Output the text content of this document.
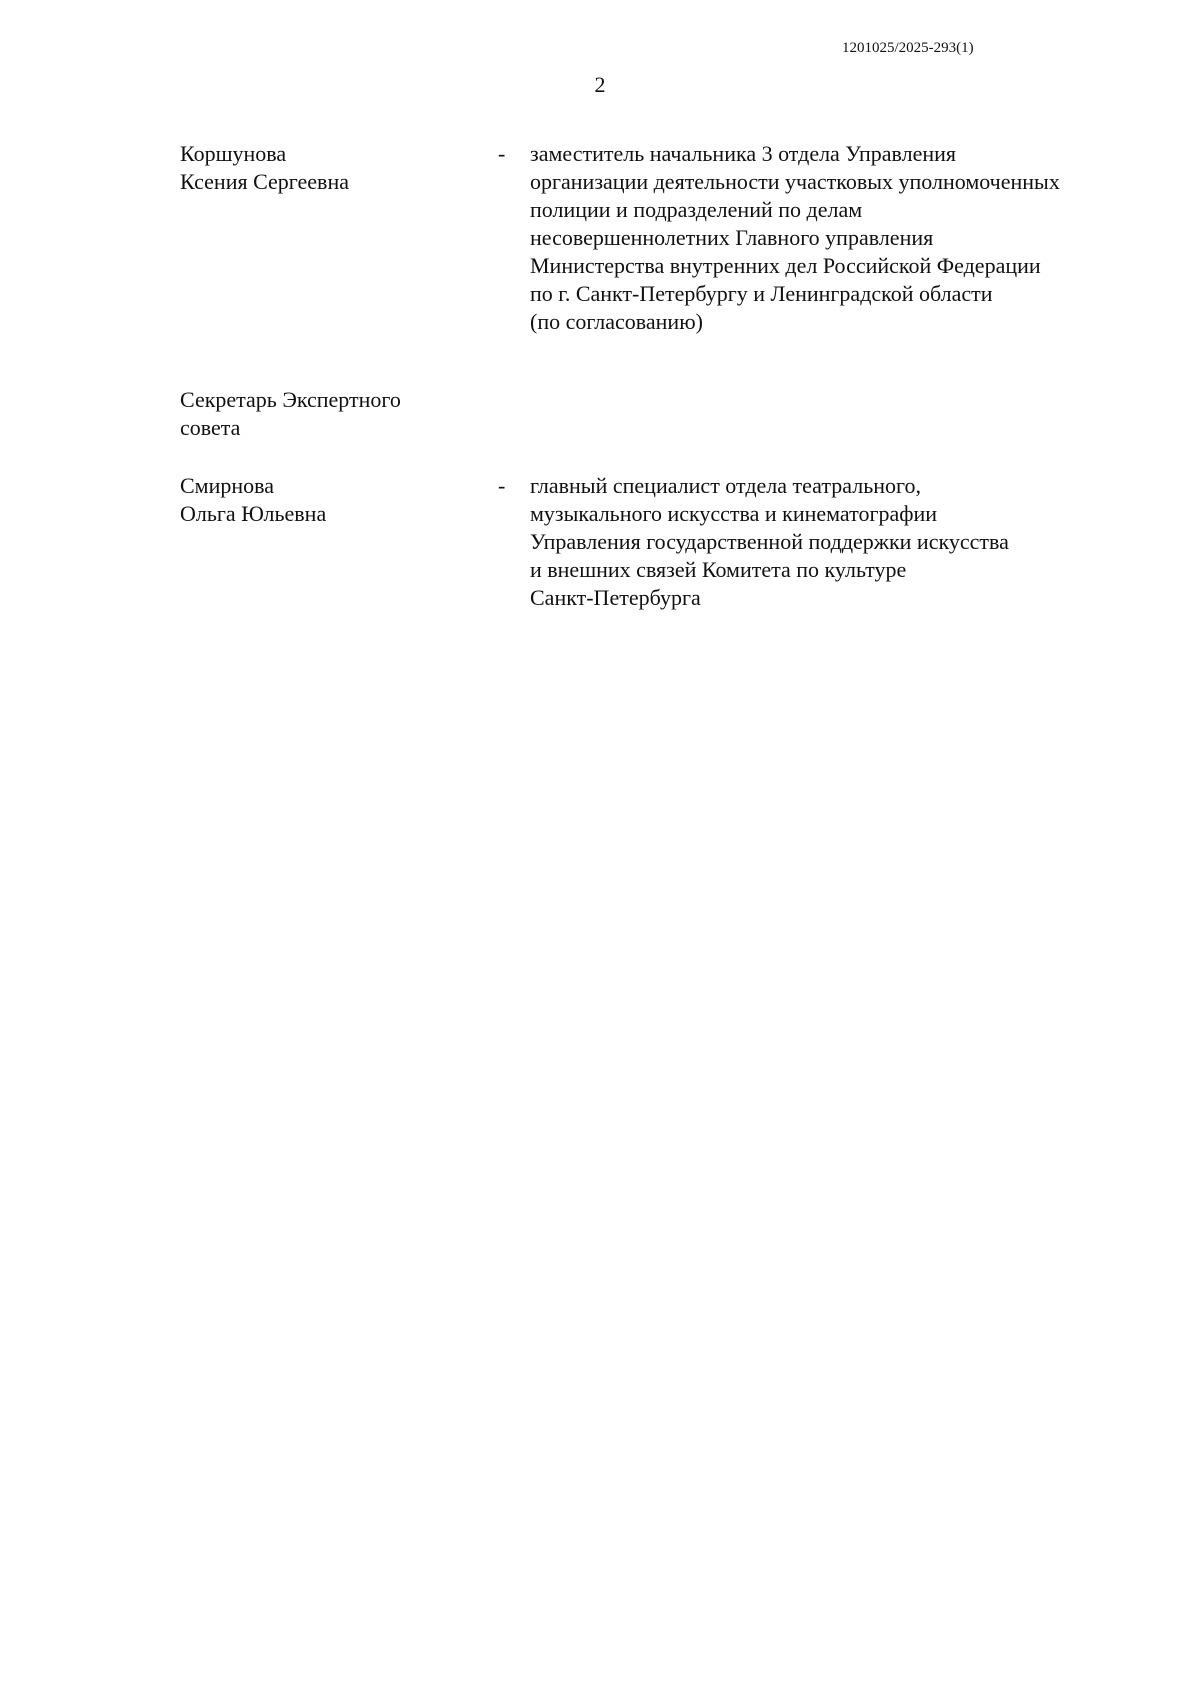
1201025/2025-293(1)
2
Коршунова
Ксения Сергеевна
-	заместитель начальника 3 отдела Управления
организации деятельности участковых уполномоченных
полиции и подразделений по делам
несовершеннолетних Главного управления
Министерства внутренних дел Российской Федерации
по г. Санкт-Петербургу и Ленинградской области
(по согласованию)
Секретарь Экспертного
совета
Смирнова
Ольга Юльевна
-	главный специалист отдела театрального,
музыкального искусства и кинематографии
Управления государственной поддержки искусства
и внешних связей Комитета по культуре
Санкт-Петербурга
